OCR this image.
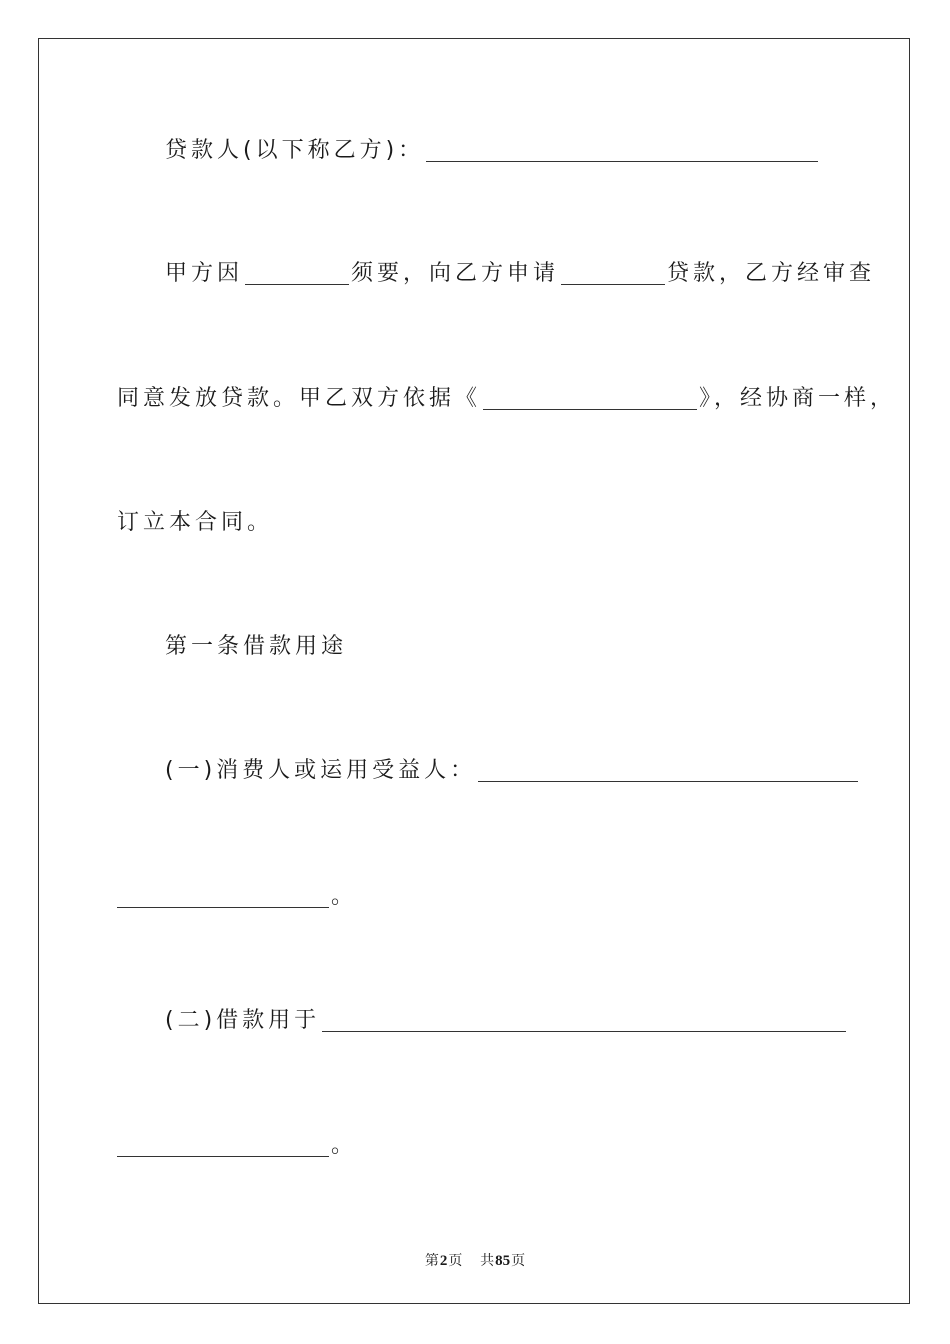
贷款人(以下称乙方)：
甲方因	须要，向乙方申请	贷款，乙方经审查
同意发放贷款。甲乙双方依据《	》，经协商一样，
订立本合同。
第一条借款用途
(一)消费人或运用受益人：
。
(二)借款用于
。
第2页 共85页
